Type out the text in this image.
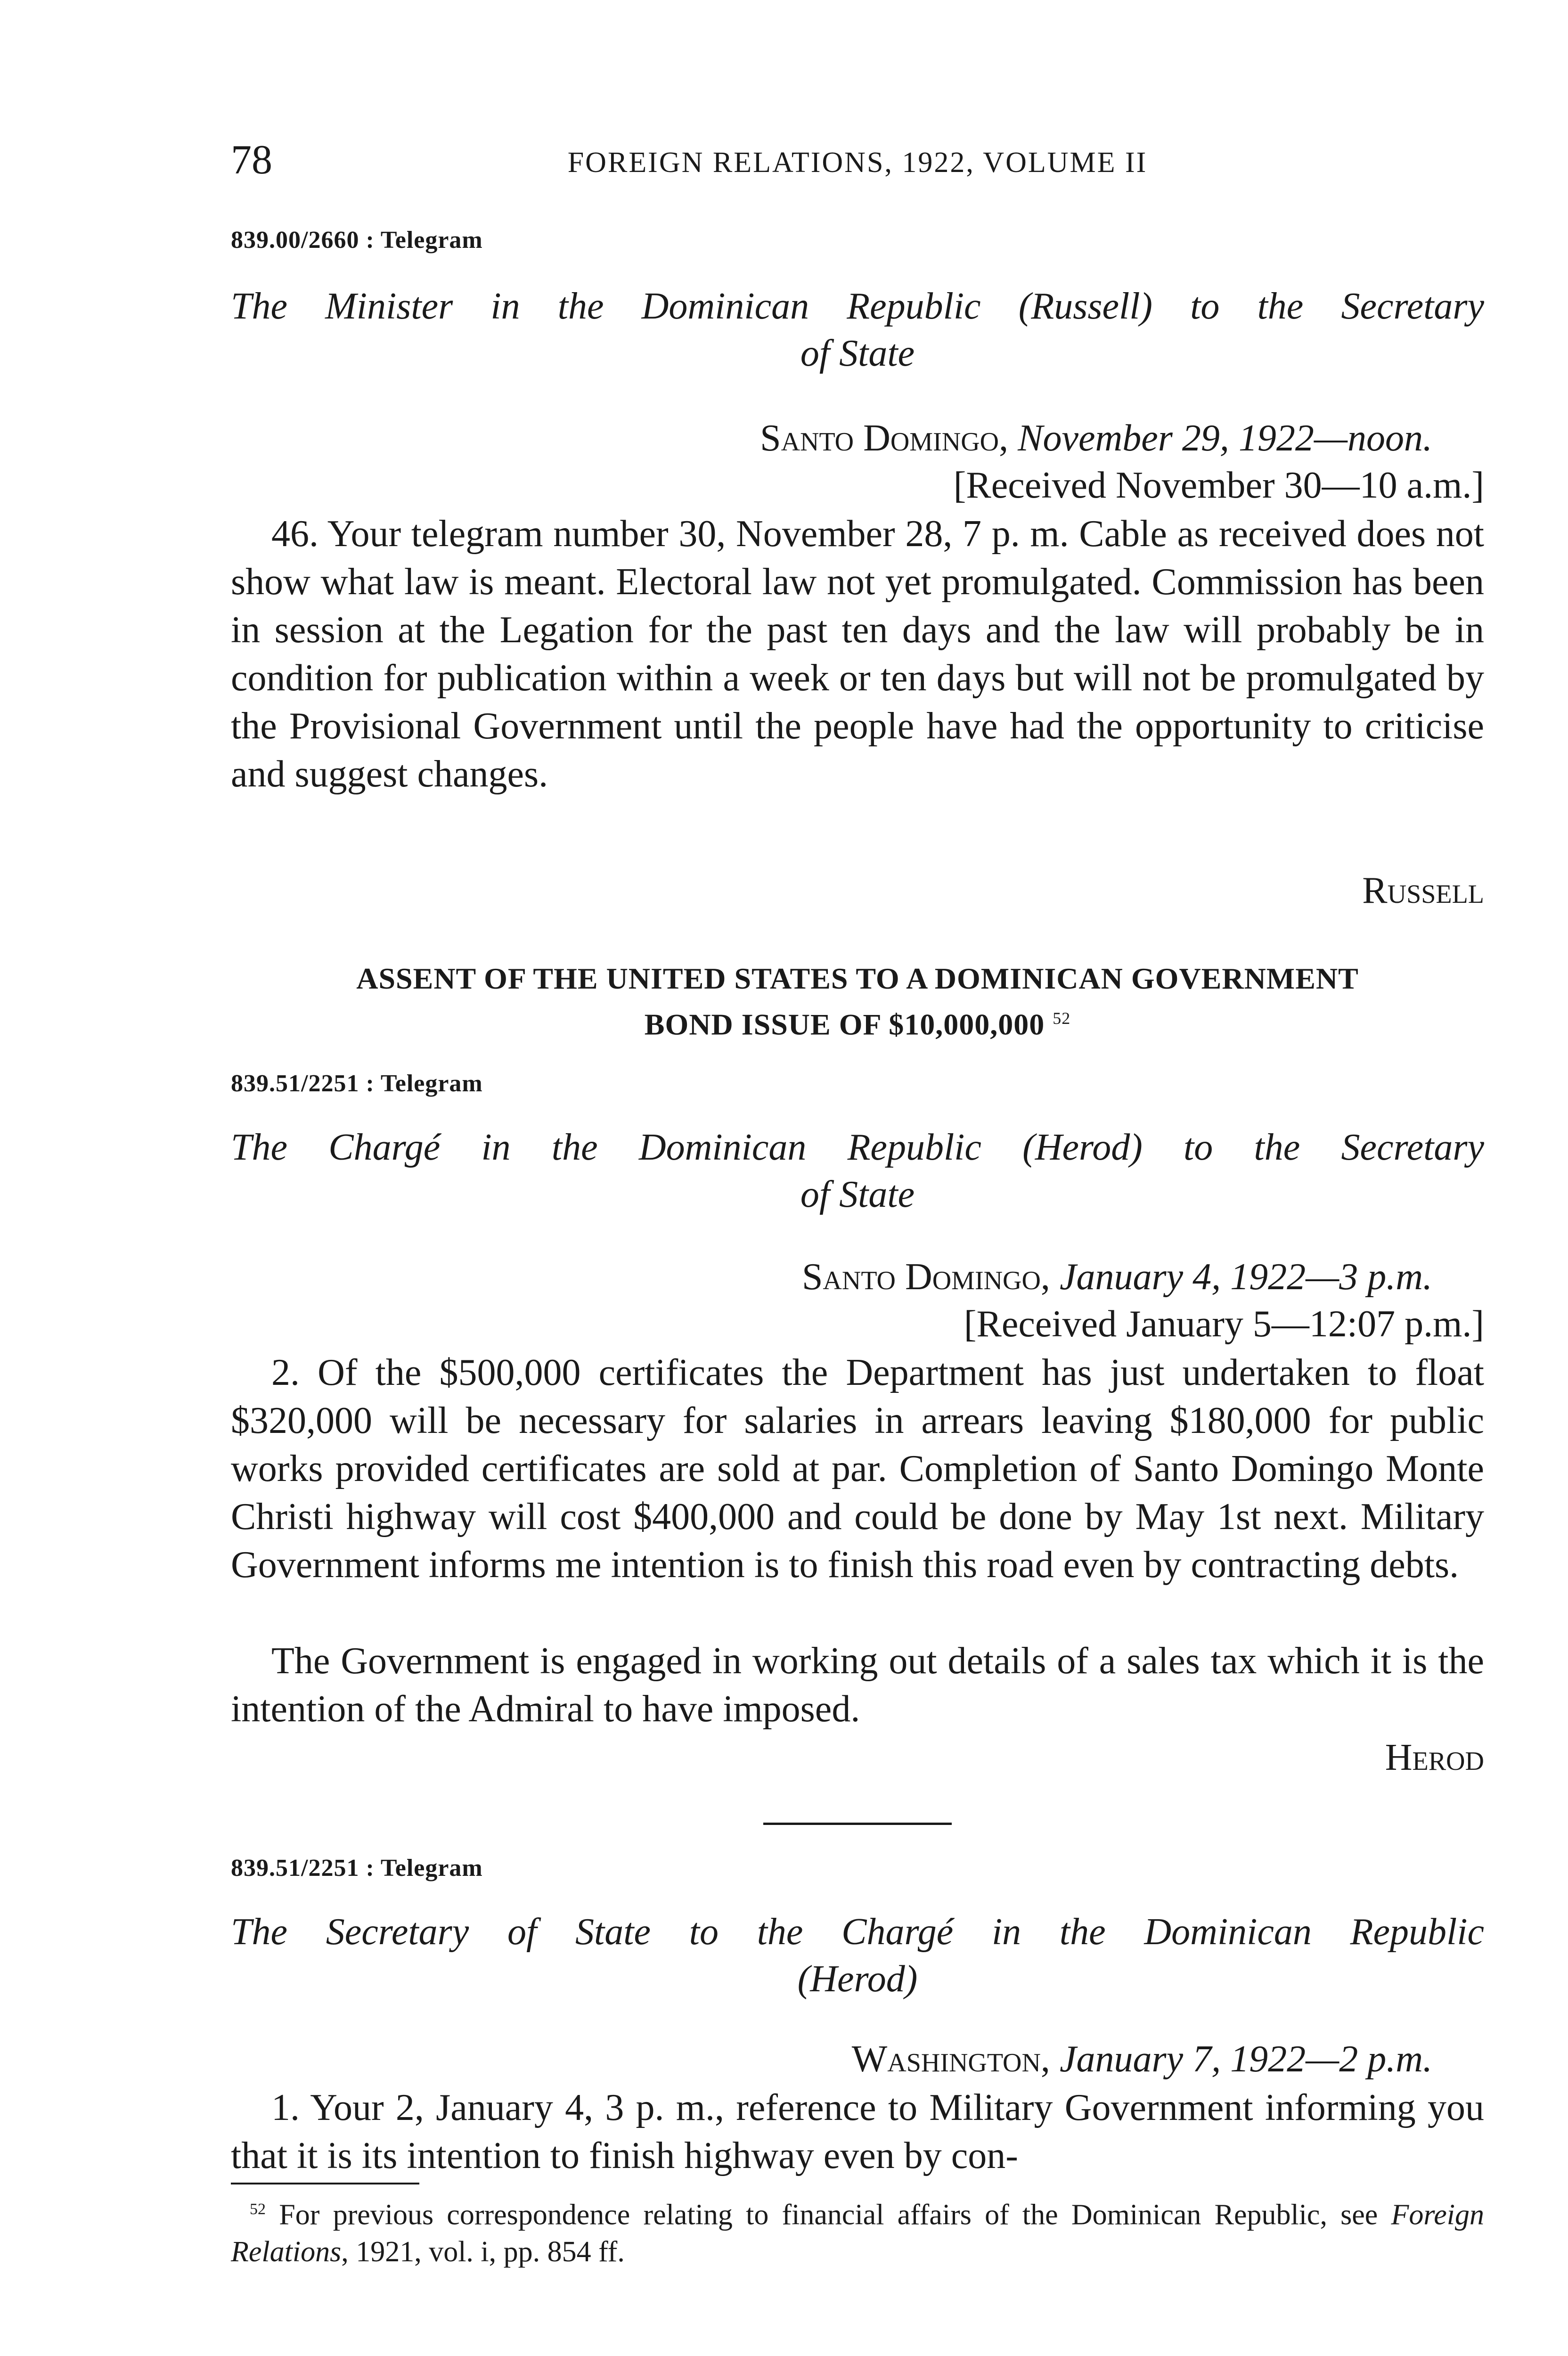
78	FOREIGN RELATIONS, 1922, VOLUME II
839.00/2660 : Telegram
The Minister in the Dominican Republic (Russell) to the Secretary
of State
Santo Domingo, November 29, 1922—noon.
[Received November 30—10 a.m.]

46. Your telegram number 30, November 28, 7 p. m. Cable as received does not show what law is meant. Electoral law not yet promulgated. Commission has been in session at the Legation for the past ten days and the law will probably be in condition for publication within a week or ten days but will not be promulgated by the Provisional Government until the people have had the opportunity to criticise and suggest changes.

Russell
ASSENT OF THE UNITED STATES TO A DOMINICAN GOVERNMENT
BOND ISSUE OF $10,000,000 $^{52}$
839.51/2251 : Telegram
The Chargé in the Dominican Republic (Herod) to the Secretary
of State
Santo Domingo, January 4, 1922—3 p.m.
[Received January 5—12:07 p.m.]

2. Of the $500,000 certificates the Department has just undertaken to float $320,000 will be necessary for salaries in arrears leaving $180,000 for public works provided certificates are sold at par. Completion of Santo Domingo Monte Christi highway will cost $400,000 and could be done by May 1st next. Military Government informs me intention is to finish this road even by contracting debts.

The Government is engaged in working out details of a sales tax which it is the intention of the Admiral to have imposed.

Herod
839.51/2251 : Telegram
The Secretary of State to the Chargé in the Dominican Republic
(Herod)
Washington, January 7, 1922—2 p.m.

1. Your 2, January 4, 3 p. m., reference to Military Government informing you that it is its intention to finish highway even by con-

$^{52}$ For previous correspondence relating to financial affairs of the Dominican Republic, see Foreign Relations, 1921, vol. i, pp. 854 ff.
